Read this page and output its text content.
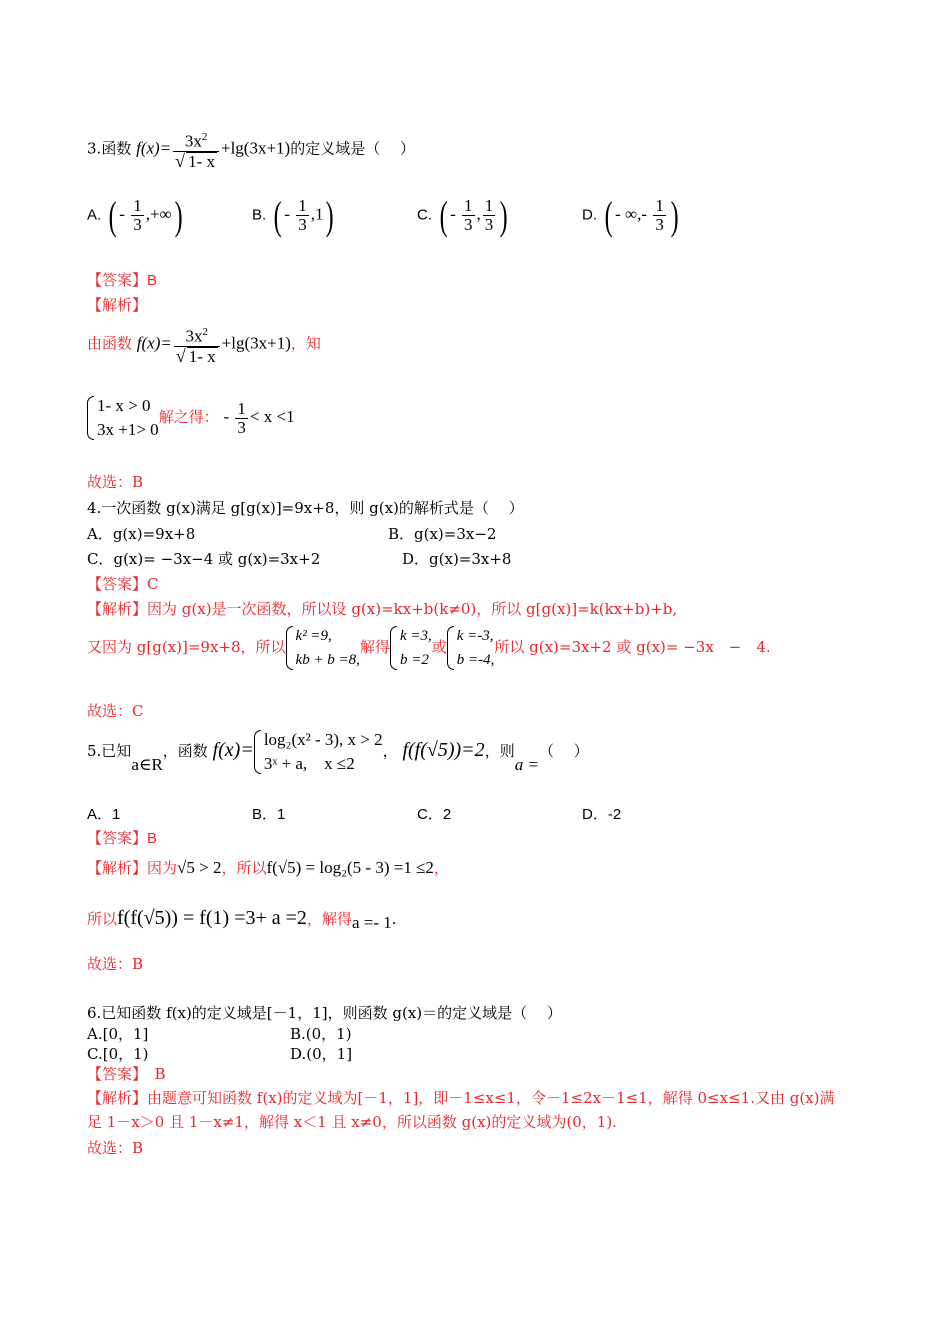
3.函数 $f(x)= \frac{3x^2}{√ 1- x} +\lg(3x+1)$的定义域是（　 ）
A. ( - $\frac{1}{3}$ ,+∞)	B. ( - $\frac{1}{3} ,1$)	C. ( - $\frac{1}{3}$ , $\frac{1}{3}$ )	D. ( - ∞,- $\frac{1}{3}$ )
【答案】B
【解析】
由函数 $f(x)= \frac{3x^2}{√ 1- x} +\lg(3x+1)$，知
1- x > 0
3x +1> 0
解之得： - $\frac{1}{3} < x <1$
故选：B
4.一次函数 g(x)满足 g[g(x)]=9x+8，则 g(x)的解析式是（　 ）
A．g(x)=9x+8	B．g(x)=3x−2
C．g(x)= −3x−4 或 g(x)=3x+2	D．g(x)=3x+8
【答案】C
【解析】因为 g(x)是一次函数，所以设 g(x)=kx+b(k≠0)，所以 g[g(x)]=k(kx+b)+b,
又因为 g[g(x)]=9x+8，所以
k² =9,
kb + b =8,
解得
k =3,
b =2
或
k =-3,
b =-4,
所以 g(x)=3x+2 或 g(x)= −3x　−　4.
故选：C
5.已知a∈R，函数 f(x)= log₂(x² - 3), x > 2
3ˣ + a,　x ≤2
， f(f(√5))=2，则a =（　 ）
A．1	B．1	C．2	D．-2
【答案】B
【解析】因为√5 > 2，所以f(√5) = log₂(5 - 3) =1 ≤2，
所以f(f(√5)) = f(1) =3+ a =2，解得a =- 1.
故选：B
6.已知函数 f(x)的定义域是[－1，1]，则函数 g(x)＝的定义域是（　 ）
A.[0，1]	B.(0，1)
C.[0，1)	D.(0，1]
【答案】　 B
【解析】由题意可知函数 f(x)的定义域为[－1，1]，即－1≤x≤1，令－1≤2x－1≤1，解得 0≤x≤1.又由 g(x)满
足 1－x＞0 且 1－x≠1，解得 x＜1 且 x≠0，所以函数 g(x)的定义域为(0，1).
故选：B
